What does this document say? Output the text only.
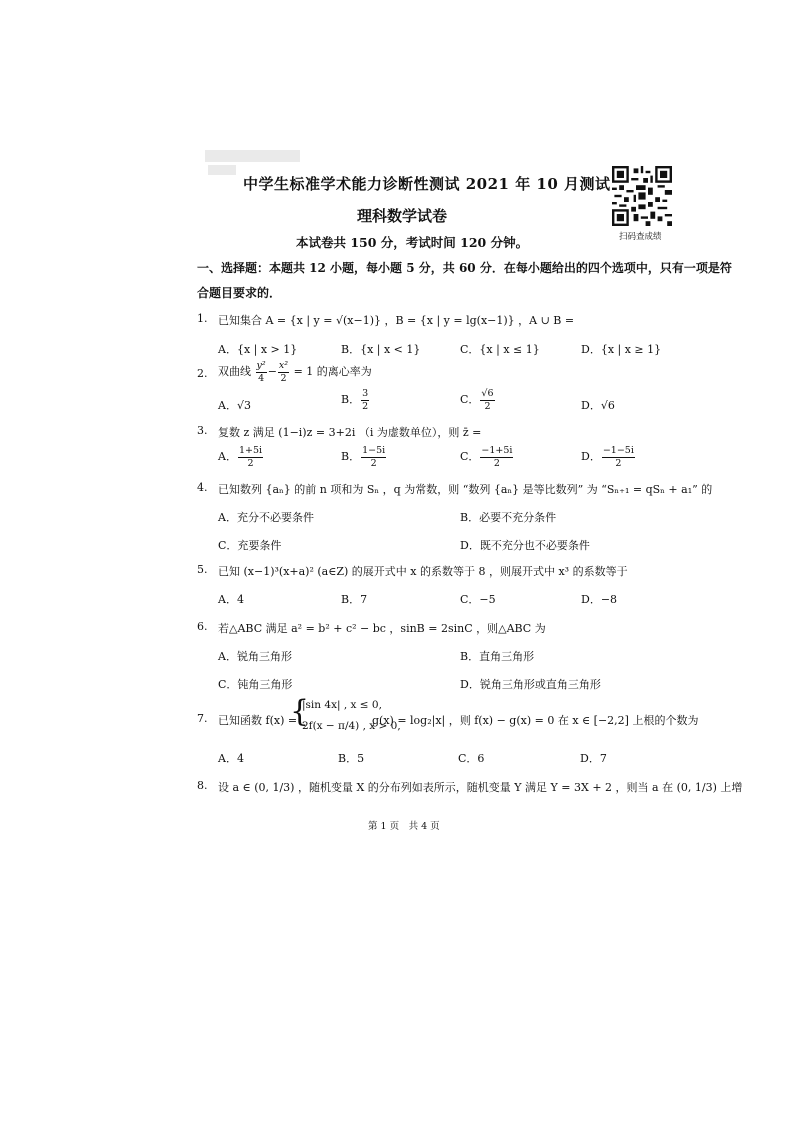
中学生标准学术能力诊断性测试 2021 年 10 月测试
理科数学试卷
本试卷共 150 分，考试时间 120 分钟。	扫码查成绩
一、选择题：本题共 12 小题，每小题 5 分，共 60 分．在每小题给出的四个选项中，只有一项是符
合题目要求的．
1. 已知集合 A = {x | y = √(x−1)} ，B = {x | y = lg(x−1)} ，A ∪ B =
A．{x | x > 1}	B．{x | x < 1}	C．{x | x ≤ 1}	D．{x | x ≥ 1}
2. 双曲线 $\frac{\text{y²}}{4} - \frac{\text{x²}}{2} = 1$ 的离心率为
A．√3	B． $\frac{3}{2}$	C． $\frac{√6}{2}$	D．√6
3. 复数 z 满足 (1−i)z = 3+2i （i 为虚数单位），则 z̄ =
A． $\frac{1+5i}{2}$	B． $\frac{1-5i}{2}$	C． $\frac{-1+5i}{2}$	D． $\frac{-1-5i}{2}$
4. 已知数列 {aₙ} 的前 n 项和为 Sₙ ，q 为常数，则 “数列 {aₙ} 是等比数列” 为 “Sₙ₊₁ = qSₙ + a₁” 的
A．充分不必要条件	B．必要不充分条件
C．充要条件	D．既不充分也不必要条件
5. 已知 (x−1)³(x+a)² (a∈Z) 的展开式中 x 的系数等于 8 ，则展开式中 x³ 的系数等于
A．4	B．7	C．−5	D．−8
6. 若△ABC 满足 a² = b² + c² − bc ，sinB = 2sinC ，则△ABC 为
A．锐角三角形	B．直角三角形
C．钝角三角形	D．锐角三角形或直角三角形
7. 已知函数 f(x) =
{
|sin 4x| , x ≤ 0,
2f(x − π/4) , x > 0,
g(x) = log₂|x| ，则 f(x) − g(x) = 0 在 x ∈ [−2,2] 上根的个数为
A．4	B．5	C．6	D．7
8. 设 a ∈ (0, 1/3) ，随机变量 X 的分布列如表所示，随机变量 Y 满足 Y = 3X + 2 ，则当 a 在 (0, 1/3) 上增
第 1 页　共 4 页
